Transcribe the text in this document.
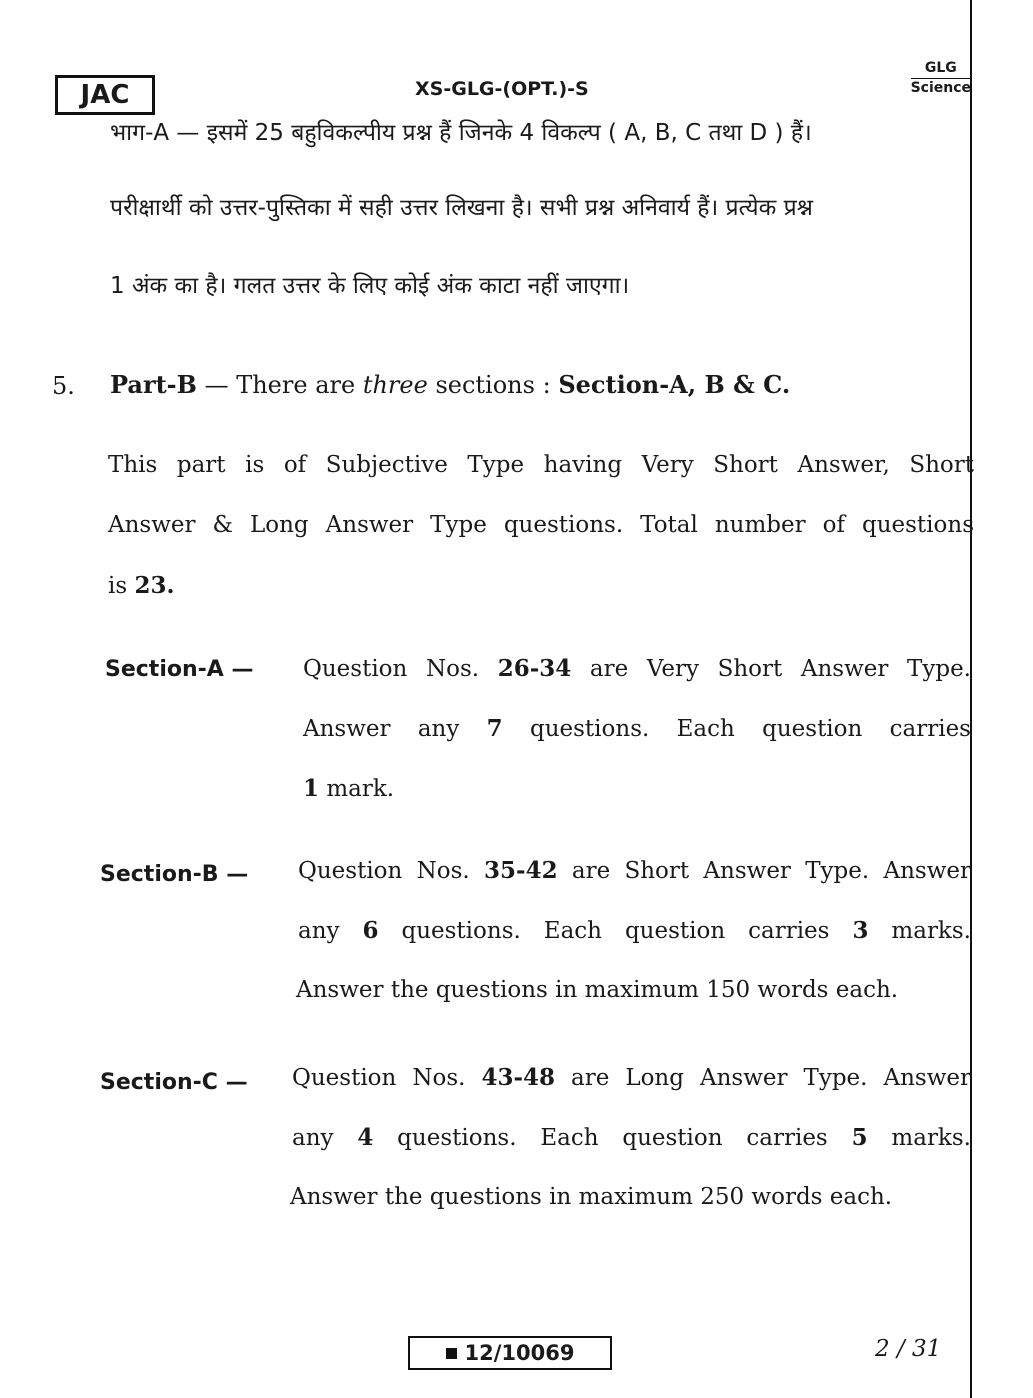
JAC	XS-GLG-(OPT.)-S
GLG
Science
भाग-A — इसमें 25 बहुविकल्पीय प्रश्न हैं जिनके 4 विकल्प ( A, B, C तथा D ) हैं।
परीक्षार्थी को उत्तर-पुस्तिका में सही उत्तर लिखना है। सभी प्रश्न अनिवार्य हैं। प्रत्येक प्रश्न
1 अंक का है। गलत उत्तर के लिए कोई अंक काटा नहीं जाएगा।
5. Part-B — There are three sections : Section-A, B & C.
This part is of Subjective Type having Very Short Answer, Short
Answer & Long Answer Type questions. Total number of questions
is 23.
Section-A — Question Nos. 26-34 are Very Short Answer Type.
Answer any 7 questions. Each question carries
1 mark.
Section-B — Question Nos. 35-42 are Short Answer Type. Answer
any 6 questions. Each question carries 3 marks.
Answer the questions in maximum 150 words each.
Section-C — Question Nos. 43-48 are Long Answer Type. Answer
any 4 questions. Each question carries 5 marks.
Answer the questions in maximum 250 words each.
12/10069	2 / 31
